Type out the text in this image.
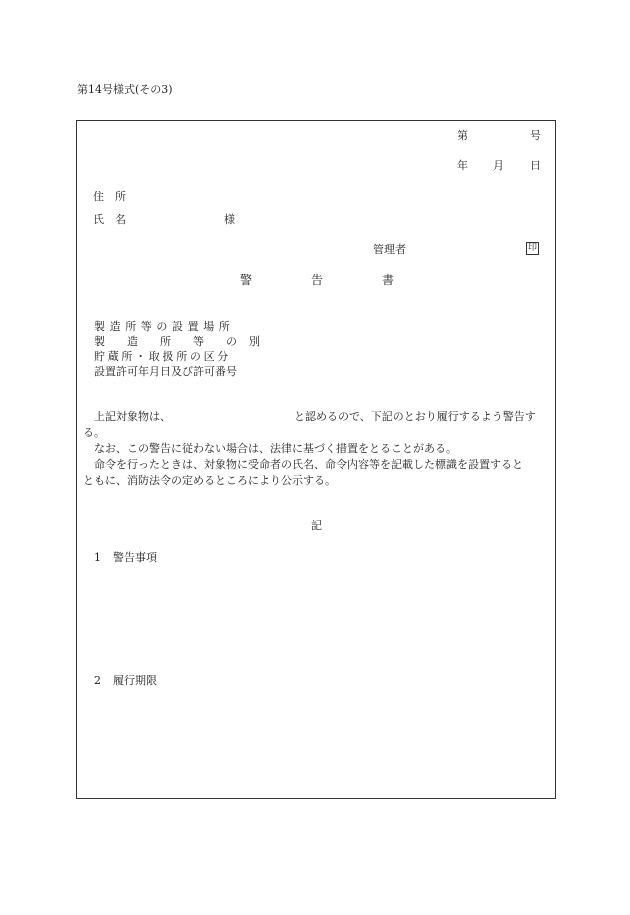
第14号様式(その3)
第	号
年 月 日
住　所
氏　名	様
管理者	印
警	告	書
製造所等の設置場所
製 造 所 等 の 別
貯蔵所・取扱所の区分
設置許可年月日及び許可番号
上記対象物は、	と認めるので、下記のとおり履行するよう警告す
る。
なお、この警告に従わない場合は、法律に基づく措置をとることがある。
命令を行ったときは、対象物に受命者の氏名、命令内容等を記載した標識を設置すると
ともに、消防法令の定めるところにより公示する。
記
1 警告事項
2 履行期限
